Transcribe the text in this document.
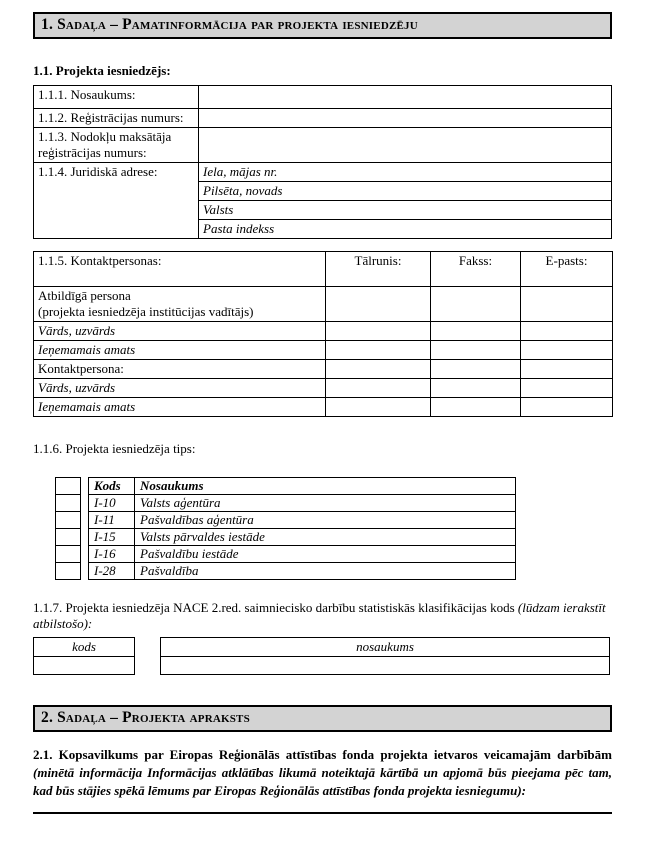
1. Sadaļa – Pamatinformācija par projekta iesniedzēju
1.1. Projekta iesniedzējs:
1.1.1. Nosaukums:	
1.1.2. Reģistrācijas numurs:	
1.1.3. Nodokļu maksātāja reģistrācijas numurs:	
1.1.4. Juridiskā adrese:	Iela, mājas nr.
	Pilsēta, novads
	Valsts
	Pasta indekss
1.1.5. Kontaktpersonas:	Tālrunis:	Fakss:	E-pasts:

Atbildīgā persona
(projekta iesniedzēja institūcijas vadītājs)			

Vārds, uzvārds			
Ieņemamais amats			
Kontaktpersona:			
Vārds, uzvārds			
Ieņemamais amats			
1.1.6. Projekta iesniedzēja tips:

Kods	Nosaukums
I-10	Valsts aģentūra
I-11	Pašvaldības aģentūra
I-15	Valsts pārvaldes iestāde
I-16	Pašvaldību iestāde
I-28	Pašvaldība

1.1.7. Projekta iesniedzēja NACE 2.red. saimniecisko darbību statistiskās klasifikācijas kods (lūdzam ierakstīt atbilstošo):

kods	nosaukums

2. Sadaļa – Projekta apraksts

2.1. Kopsavilkums par Eiropas Reģionālās attīstības fonda projekta ietvaros veicamajām darbībām (minētā informācija Informācijas atklātības likumā noteiktajā kārtībā un apjomā būs pieejama pēc tam, kad būs stājies spēkā lēmums par Eiropas Reģionālās attīstības fonda projekta iesniegumu):
